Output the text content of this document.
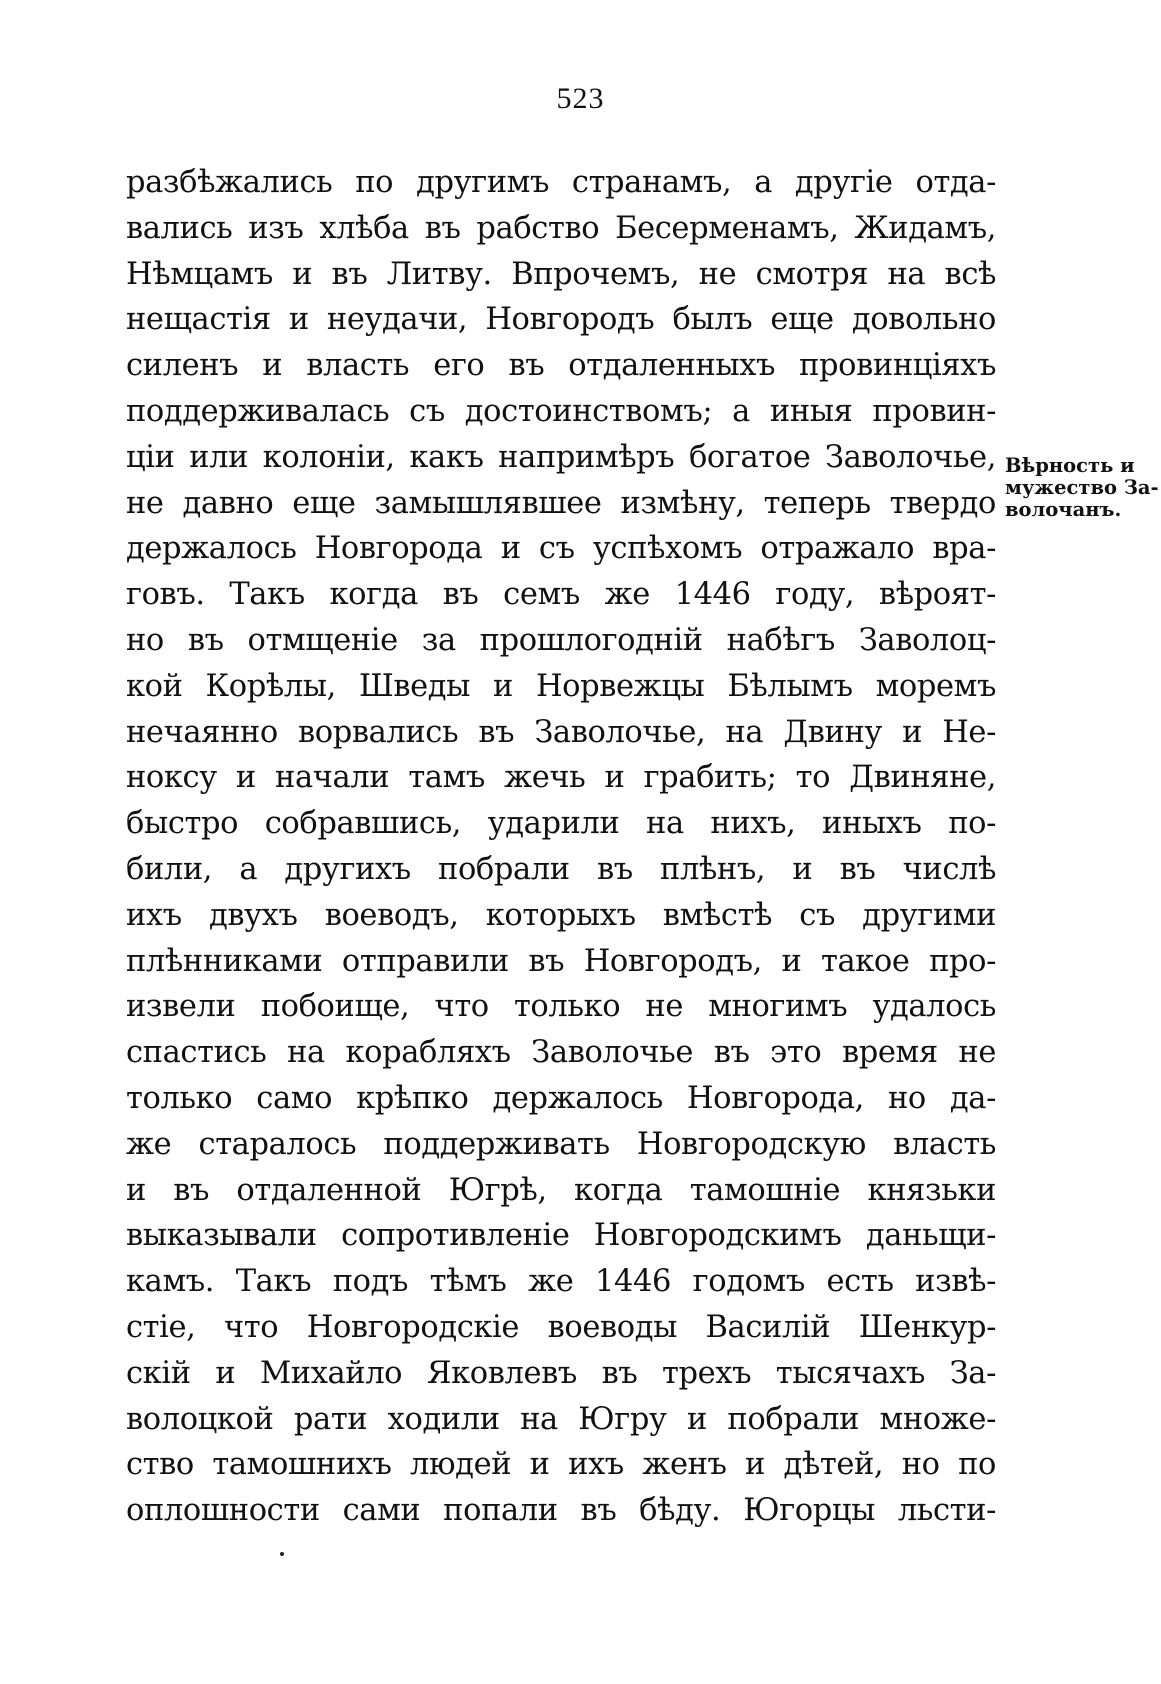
523
разбѣжались по другимъ странамъ, а другіе отда-
вались изъ хлѣба въ рабство Бесерменамъ, Жидамъ,
Нѣмцамъ и въ Литву. Впрочемъ, не смотря на всѣ
нещастія и неудачи, Новгородъ былъ еще довольно
силенъ и власть его въ отдаленныхъ провинціяхъ
поддерживалась съ достоинствомъ; а иныя провин-
ціи или колоніи, какъ напримѣръ богатое Заволочье,
не давно еще замышлявшее измѣну, теперь твердо
держалось Новгорода и съ успѣхомъ отражало вра-
говъ. Такъ когда въ семъ же 1446 году, вѣроят-
но въ отмщеніе за прошлогодній набѣгъ Заволоц-
кой Корѣлы, Шведы и Норвежцы Бѣлымъ моремъ
нечаянно ворвались въ Заволочье, на Двину и Не-
ноксу и начали тамъ жечь и грабить; то Двиняне,
быстро собравшись, ударили на нихъ, иныхъ по-
били, а другихъ побрали въ плѣнъ, и въ числѣ
ихъ двухъ воеводъ, которыхъ вмѣстѣ съ другими
плѣнниками отправили въ Новгородъ, и такое про-
извели побоище, что только не многимъ удалось
спастись на корабляхъ Заволочье въ это время не
только само крѣпко держалось Новгорода, но да-
же старалось поддерживать Новгородскую власть
и въ отдаленной Югрѣ, когда тамошніе князьки
выказывали сопротивленіе Новгородскимъ даньщи-
камъ. Такъ подъ тѣмъ же 1446 годомъ есть извѣ-
стіе, что Новгородскіе воеводы Василій Шенкур-
скій и Михайло Яковлевъ въ трехъ тысячахъ За-
волоцкой рати ходили на Югру и побрали множе-
ство тамошнихъ людей и ихъ женъ и дѣтей, но по
оплошности сами попали въ бѣду. Югорцы льсти-
Вѣрность и
мужество За-
волочанъ.
